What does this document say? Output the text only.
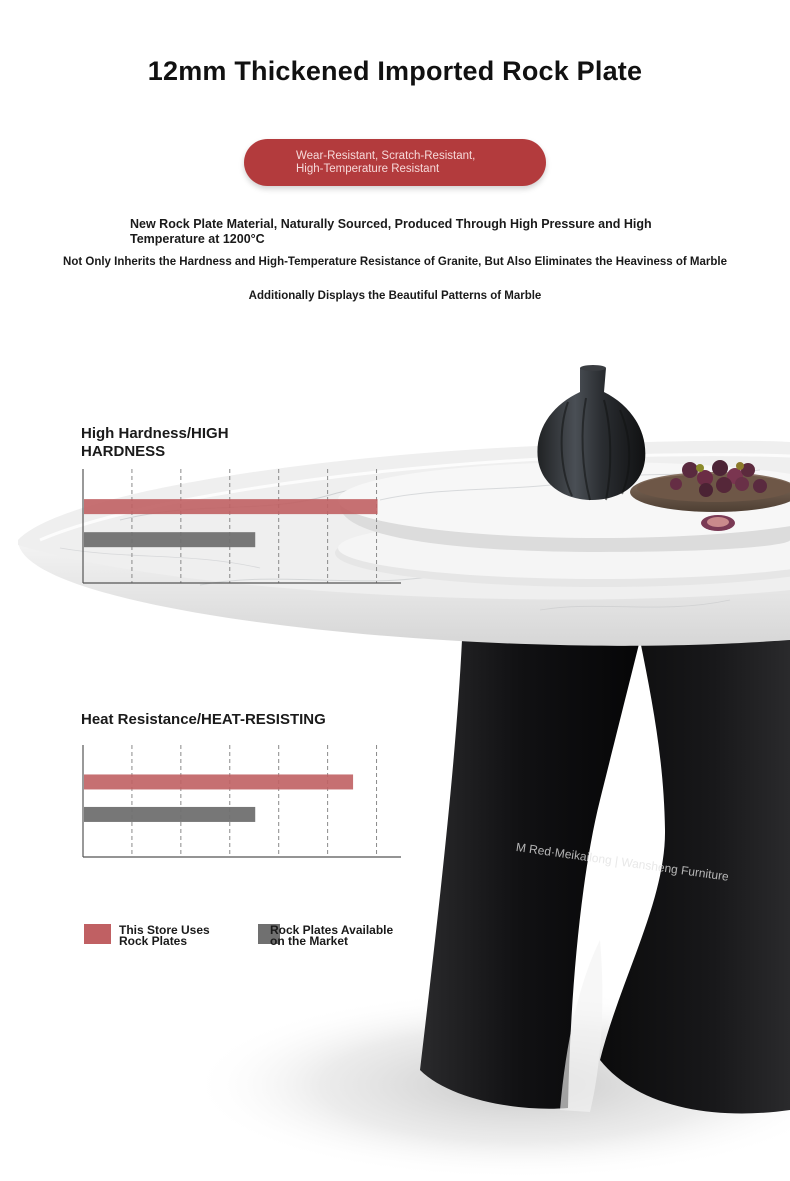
12mm Thickened Imported Rock Plate
Wear-Resistant, Scratch-Resistant,
High-Temperature Resistant
New Rock Plate Material, Naturally Sourced, Produced Through High Pressure and High Temperature at 1200°C
Not Only Inherits the Hardness and High-Temperature Resistance of Granite, But Also Eliminates the Heaviness of Marble
Additionally Displays the Beautiful Patterns of Marble
High Hardness/HIGH HARDNESS
Heat Resistance/HEAT-RESISTING
This Store Uses
Rock Plates
Rock Plates Available
on the Market
M Red·Meikailong | Wansheng Furniture
